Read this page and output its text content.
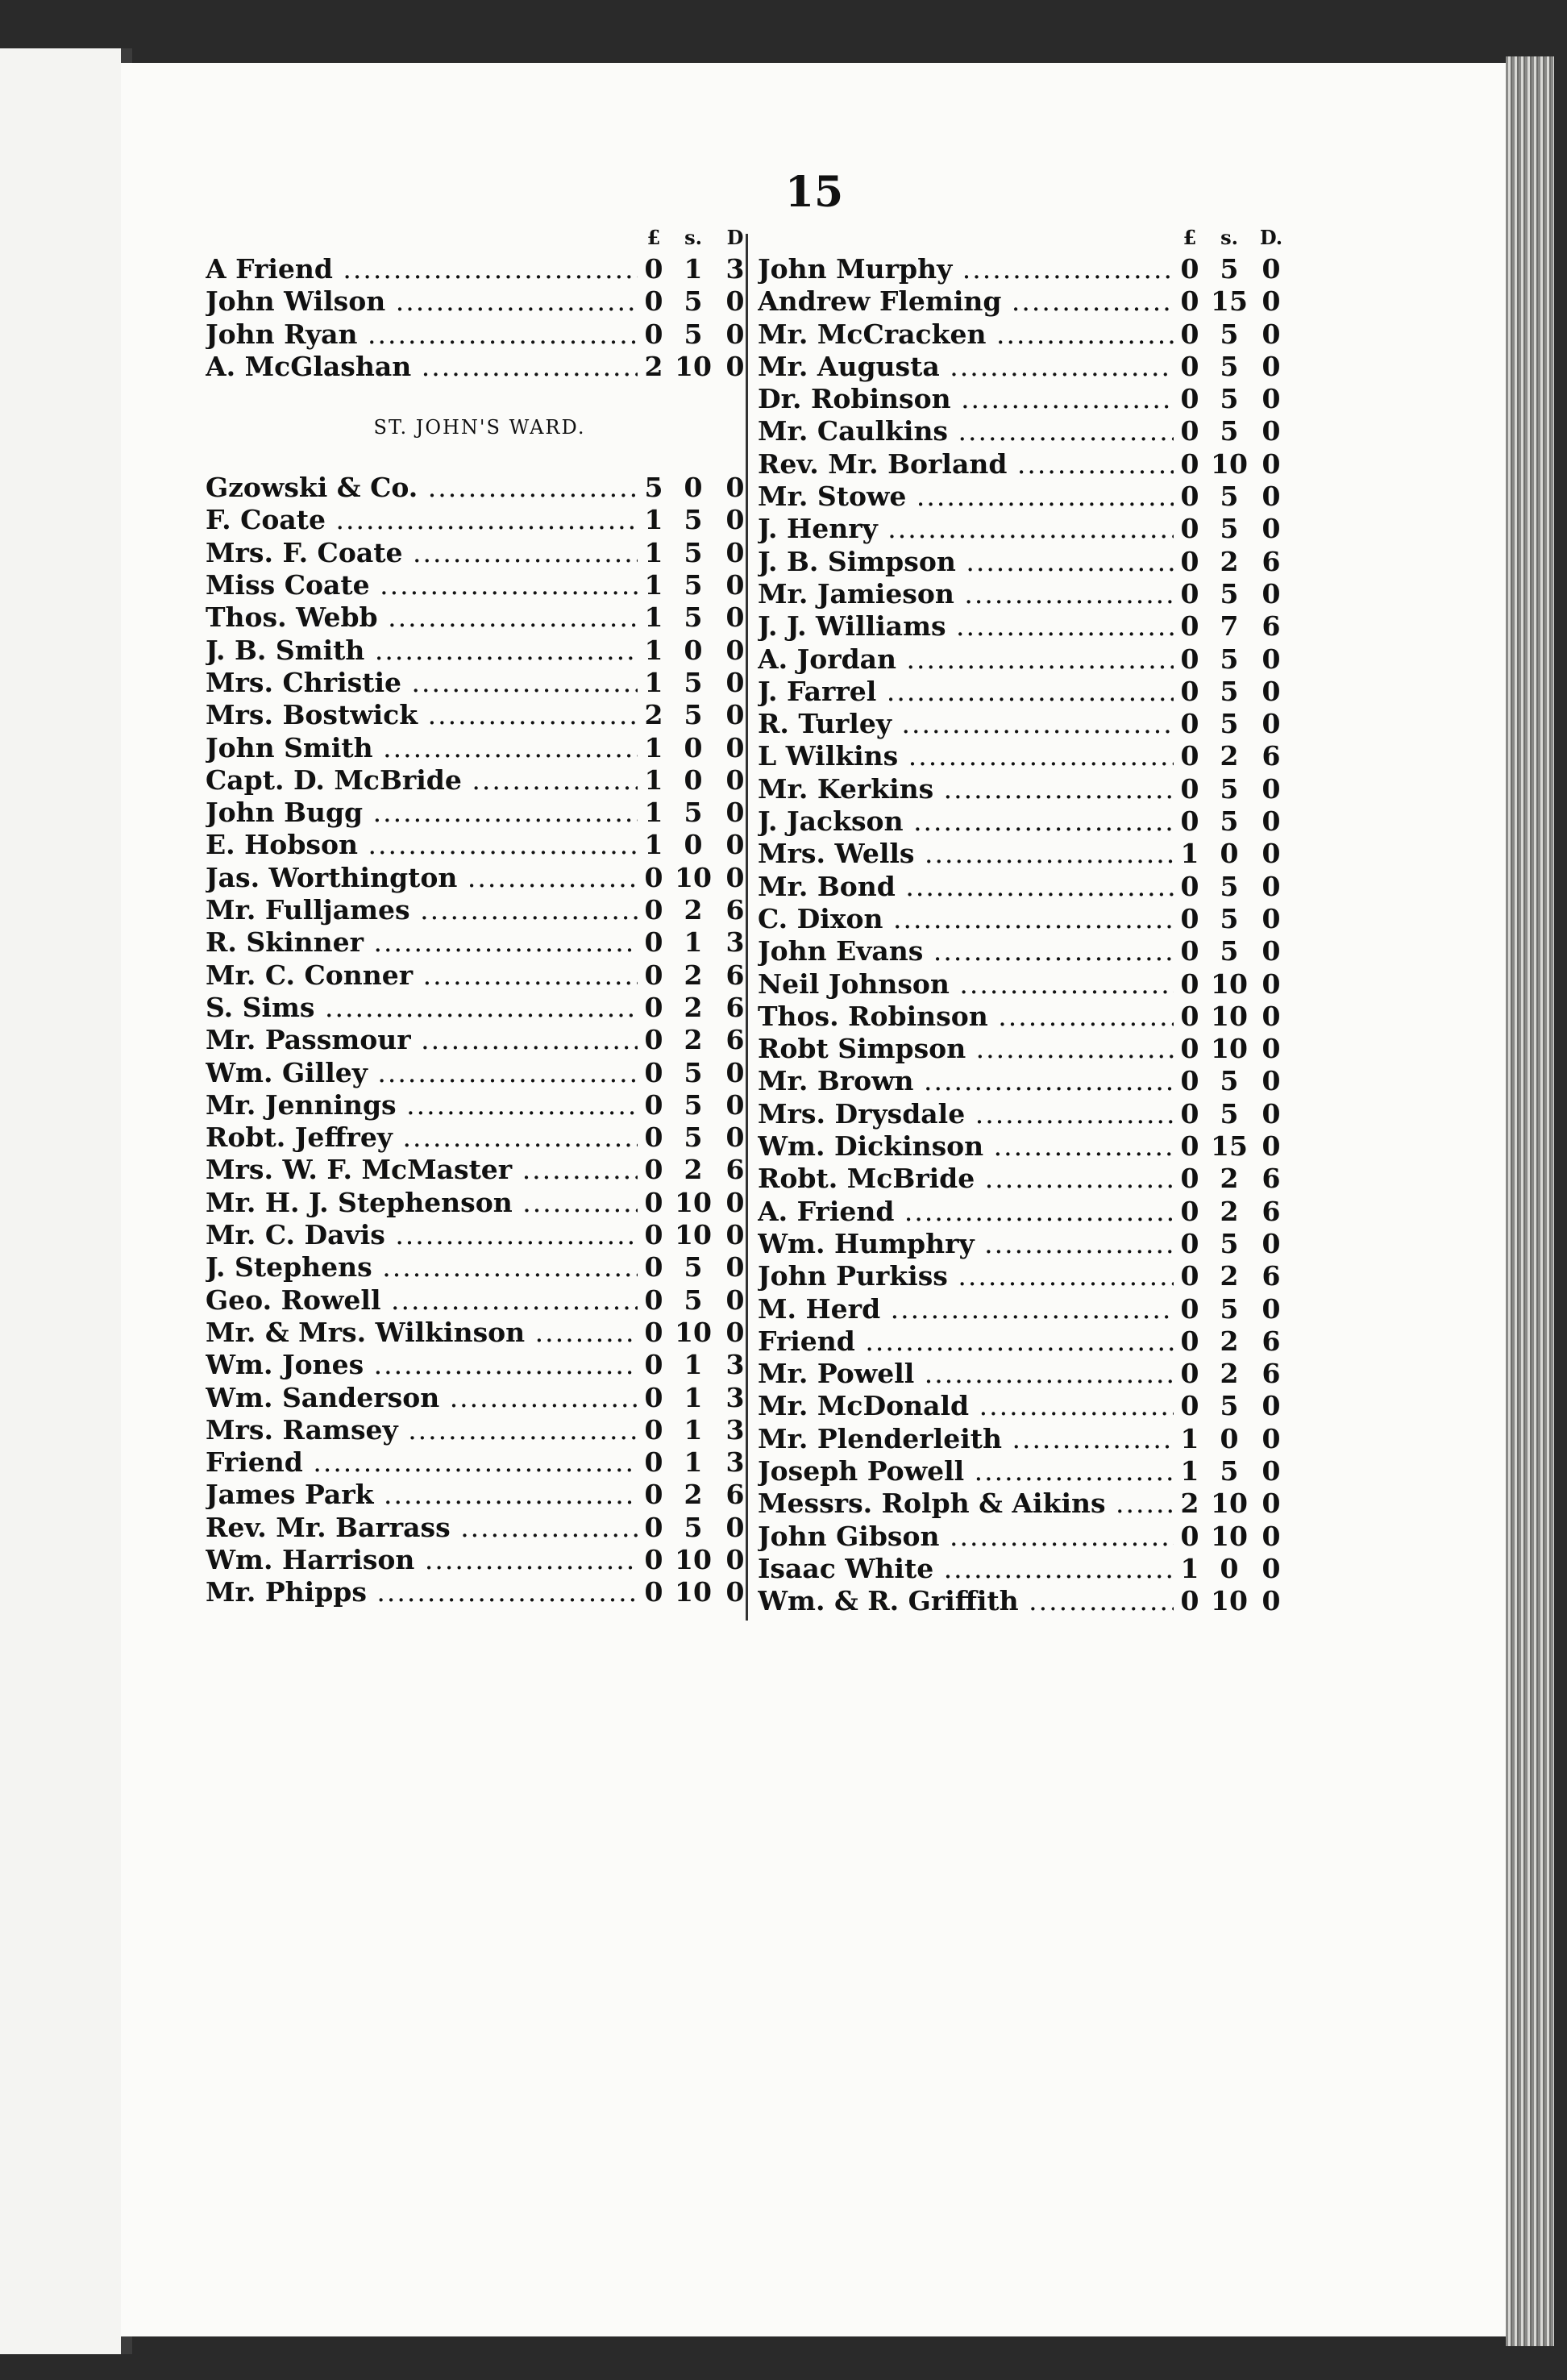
15
£	s.	D
A Friend .....	0 1 3
John Wilson .....	0 5 0
John Ryan .....	0 5 0
A. McGlashan .....	2 10 0
ST. JOHN'S WARD.
Gzowski & Co. .....	5 0 0
F. Coate .....	1 5 0
Mrs. F. Coate .....	1 5 0
Miss Coate .....	1 5 0
Thos. Webb .....	1 5 0
J. B. Smith .....	1 0 0
Mrs. Christie .....	1 5 0
Mrs. Bostwick .....	2 5 0
John Smith .....	1 0 0
Capt. D. McBride .....	1 0 0
John Bugg .....	1 5 0
E. Hobson .....	1 0 0
Jas. Worthington .....	0 10 0
Mr. Fulljames .....	0 2 6
R. Skinner .....	0 1 3
Mr. C. Conner .....	0 2 6
S. Sims .....	0 2 6
Mr. Passmour .....	0 2 6
Wm. Gilley .....	0 5 0
Mr. Jennings .....	0 5 0
Robt. Jeffrey .....	0 5 0
Mrs. W. F. McMaster .....	0 2 6
Mr. H. J. Stephenson .....	0 10 0
Mr. C. Davis .....	0 10 0
J. Stephens .....	0 5 0
Geo. Rowell .....	0 5 0
Mr. & Mrs. Wilkinson .....	0 10 0
Wm. Jones .....	0 1 3
Wm. Sanderson .....	0 1 3
Mrs. Ramsey .....	0 1 3
Friend .....	0 1 3
James Park .....	0 2 6
Rev. Mr. Barrass .....	0 5 0
Wm. Harrison .....	0 10 0
Mr. Phipps .....	0 10 0
£	s.	D.
John Murphy .....	0 5 0
Andrew Fleming .....	0 15 0
Mr. McCracken .....	0 5 0
Mr. Augusta .....	0 5 0
Dr. Robinson .....	0 5 0
Mr. Caulkins .....	0 5 0
Rev. Mr. Borland .....	0 10 0
Mr. Stowe .....	0 5 0
J. Henry .....	0 5 0
J. B. Simpson .....	0 2 6
Mr. Jamieson .....	0 5 0
J. J. Williams .....	0 7 6
A. Jordan .....	0 5 0
J. Farrel .....	0 5 0
R. Turley .....	0 5 0
L Wilkins .....	0 2 6
Mr. Kerkins .....	0 5 0
J. Jackson .....	0 5 0
Mrs. Wells .....	1 0 0
Mr. Bond .....	0 5 0
C. Dixon .....	0 5 0
John Evans .....	0 5 0
Neil Johnson .....	0 10 0
Thos. Robinson .....	0 10 0
Robt Simpson .....	0 10 0
Mr. Brown .....	0 5 0
Mrs. Drysdale .....	0 5 0
Wm. Dickinson .....	0 15 0
Robt. McBride .....	0 2 6
A. Friend .....	0 2 6
Wm. Humphry .....	0 5 0
John Purkiss .....	0 2 6
M. Herd .....	0 5 0
Friend .....	0 2 6
Mr. Powell .....	0 2 6
Mr. McDonald .....	0 5 0
Mr. Plenderleith .....	1 0 0
Joseph Powell .....	1 5 0
Messrs. Rolph & Aikins .....	2 10 0
John Gibson .....	0 10 0
Isaac White .....	1 0 0
Wm. & R. Griffith .....	0 10 0
